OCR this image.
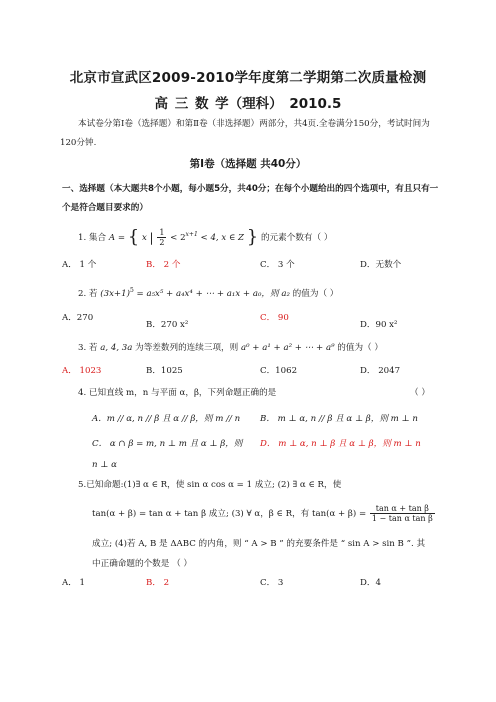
北京市宣武区2009-2010学年度第二学期第二次质量检测
高 三 数 学（理科） 2010.5
本试卷分第Ⅰ卷（选择题）和第Ⅱ卷（非选择题）两部分，共4页.全卷满分150分，考试时间为120分钟.
第Ⅰ卷（选择题 共40分）
一、选择题（本大题共8个小题，每小题5分，共40分；在每个小题给出的四个选项中，有且只有一个是符合题目要求的）
1. 集合 A = { x | $\frac{1}{2} < 2^{x+1} < 4$, x ∈ Z } 的元素个数有（ ）
A． 1 个	B． 2 个	C． 3 个	D．无数个
2. 若 $(3x+1)^5 = a_5x^5 + a_4x^4$ + ⋯ + a₁x + a₀，则 a₂ 的值为（ ）
A．270
B．270 x²
C． 90
D．90 x²
3. 若 a, 4, 3a 为等差数列的连续三项，则 a⁰ + a¹ + a² + ⋯ + a⁹ 的值为（ ）
A． 1023	B．1025	C．1062	D． 2047
4. 已知直线 m，n 与平面 α，β，下列命题正确的是	（ ）
A．m // α, n // β 且 α // β，则 m // n B． m ⊥ α, n // β 且 α ⊥ β，则 m ⊥ n
C． α ∩ β = m, n ⊥ m 且 α ⊥ β，则 D． m ⊥ α, n ⊥ β 且 α ⊥ β，则 m ⊥ n
n ⊥ α
5.已知命题:(1)∃ α ∈ R，使 sin α cos α = 1 成立; (2) ∃ α ∈ R，使
tan(α + β) = tan α + tan β 成立; (3) ∀ α，β ∈ R，有 $\tan(\alpha + \beta) = \frac{\text{tan α + tan β}}{\text{1 − tan α tan β}}$
成立; (4)若 A, B 是 ΔABC 的内角，则 “ A > B ” 的充要条件是 “ sin A > sin B ”. 其
中正确命题的个数是 （ ）
A． 1	B． 2	C． 3	D．4
